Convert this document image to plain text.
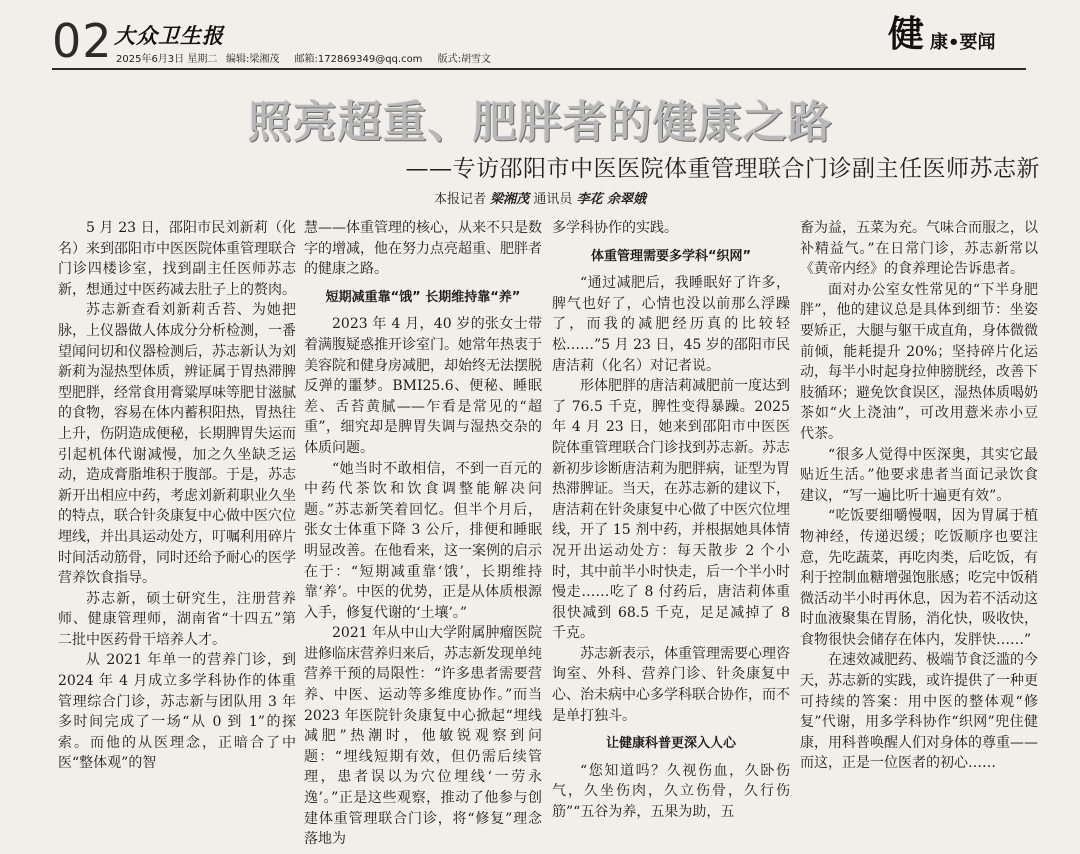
02 大众卫生报
2025年6月3日 星期二 编辑:梁湘茂 邮箱:172869349@qq.com 版式:胡雪文
健 康•要闻
照亮超重、肥胖者的健康之路
——专访邵阳市中医医院体重管理联合门诊副主任医师苏志新
本报记者 梁湘茂 通讯员 李花 余翠娥

5 月 23 日，邵阳市民刘新莉（化名）来到邵阳市中医医院体重管理联合门诊四楼诊室，找到副主任医师苏志新，想通过中医药减去肚子上的赘肉。

苏志新查看刘新莉舌苔、为她把脉，上仪器做人体成分分析检测，一番望闻问切和仪器检测后，苏志新认为刘新莉为湿热型体质，辨证属于胃热滞脾型肥胖，经常食用膏粱厚味等肥甘滋腻的食物，容易在体内蓄积阳热，胃热往上升，伤阴造成便秘，长期脾胃失运而引起机体代谢减慢，加之久坐缺乏运动，造成膏脂堆积于腹部。于是，苏志新开出相应中药，考虑刘新莉职业久坐的特点，联合针灸康复中心做中医穴位埋线，并出具运动处方，叮嘱利用碎片时间活动筋骨，同时还给予耐心的医学营养饮食指导。

苏志新，硕士研究生，注册营养师、健康管理师，湖南省“十四五”第二批中医药骨干培养人才。

从 2021 年单一的营养门诊，到 2024 年 4 月成立多学科协作的体重管理综合门诊，苏志新与团队用 3 年多时间完成了一场“从 0 到 1”的探索。而他的从医理念，正暗合了中医“整体观”的智

慧——体重管理的核心，从来不只是数字的增减，他在努力点亮超重、肥胖者的健康之路。

短期减重靠“饿” 长期维持靠“养”

2023 年 4 月，40 岁的张女士带着满腹疑惑推开诊室门。她常年热衷于美容院和健身房减肥，却始终无法摆脱反弹的噩梦。BMI25.6、便秘、睡眠差、舌苔黄腻——乍看是常见的“超重”，细究却是脾胃失调与湿热交杂的体质问题。

“她当时不敢相信，不到一百元的中药代茶饮和饮食调整能解决问题。”苏志新笑着回忆。但半个月后，张女士体重下降 3 公斤，排便和睡眠明显改善。在他看来，这一案例的启示在于：“短期减重靠‘饿’，长期维持靠‘养’。中医的优势，正是从体质根源入手，修复代谢的‘土壤’。”

2021 年从中山大学附属肿瘤医院进修临床营养归来后，苏志新发现单纯营养干预的局限性：“许多患者需要营养、中医、运动等多维度协作。”而当 2023 年医院针灸康复中心掀起“埋线减肥”热潮时，他敏锐观察到问题：“埋线短期有效，但仍需后续管理，患者误以为穴位埋线‘一劳永逸’。”正是这些观察，推动了他参与创建体重管理联合门诊，将“修复”理念落地为

多学科协作的实践。

体重管理需要多学科“织网”

“通过减肥后，我睡眠好了许多，脾气也好了，心情也没以前那么浮躁了，而我的减肥经历真的比较轻松……”5 月 23 日，45 岁的邵阳市民唐洁莉（化名）对记者说。

形体肥胖的唐洁莉减肥前一度达到了 76.5 千克，脾性变得暴躁。2025 年 4 月 23 日，她来到邵阳市中医医院体重管理联合门诊找到苏志新。苏志新初步诊断唐洁莉为肥胖病，证型为胃热滞脾证。当天，在苏志新的建议下，唐洁莉在针灸康复中心做了中医穴位埋线，开了 15 剂中药，并根据她具体情况开出运动处方：每天散步 2 个小时，其中前半小时快走，后一个半小时慢走……吃了 8 付药后，唐洁莉体重很快减到 68.5 千克，足足减掉了 8 千克。

苏志新表示，体重管理需要心理咨询室、外科、营养门诊、针灸康复中心、治未病中心多学科联合协作，而不是单打独斗。

让健康科普更深入人心

“您知道吗？久视伤血，久卧伤气，久坐伤肉，久立伤骨，久行伤筋”“五谷为养，五果为助，五

畜为益，五菜为充。气味合而服之，以补精益气。”在日常门诊，苏志新常以《黄帝内经》的食养理论告诉患者。

面对办公室女性常见的“下半身肥胖”，他的建议总是具体到细节：坐姿要矫正，大腿与躯干成直角，身体微微前倾，能耗提升 20%；坚持碎片化运动，每半小时起身拉伸膀胱经，改善下肢循环；避免饮食误区，湿热体质喝奶茶如“火上浇油”，可改用薏米赤小豆代茶。

“很多人觉得中医深奥，其实它最贴近生活。”他要求患者当面记录饮食建议，“写一遍比听十遍更有效”。

“吃饭要细嚼慢咽，因为胃属于植物神经，传递迟缓；吃饭顺序也要注意，先吃蔬菜，再吃肉类，后吃饭，有利于控制血糖增强饱胀感；吃完中饭稍微活动半小时再休息，因为若不活动这时血液聚集在胃肠，消化快，吸收快，食物很快会储存在体内，发胖快……”

在速效减肥药、极端节食泛滥的今天，苏志新的实践，或许提供了一种更可持续的答案：用中医的整体观“修复”代谢，用多学科协作“织网”兜住健康，用科普唤醒人们对身体的尊重——而这，正是一位医者的初心……
